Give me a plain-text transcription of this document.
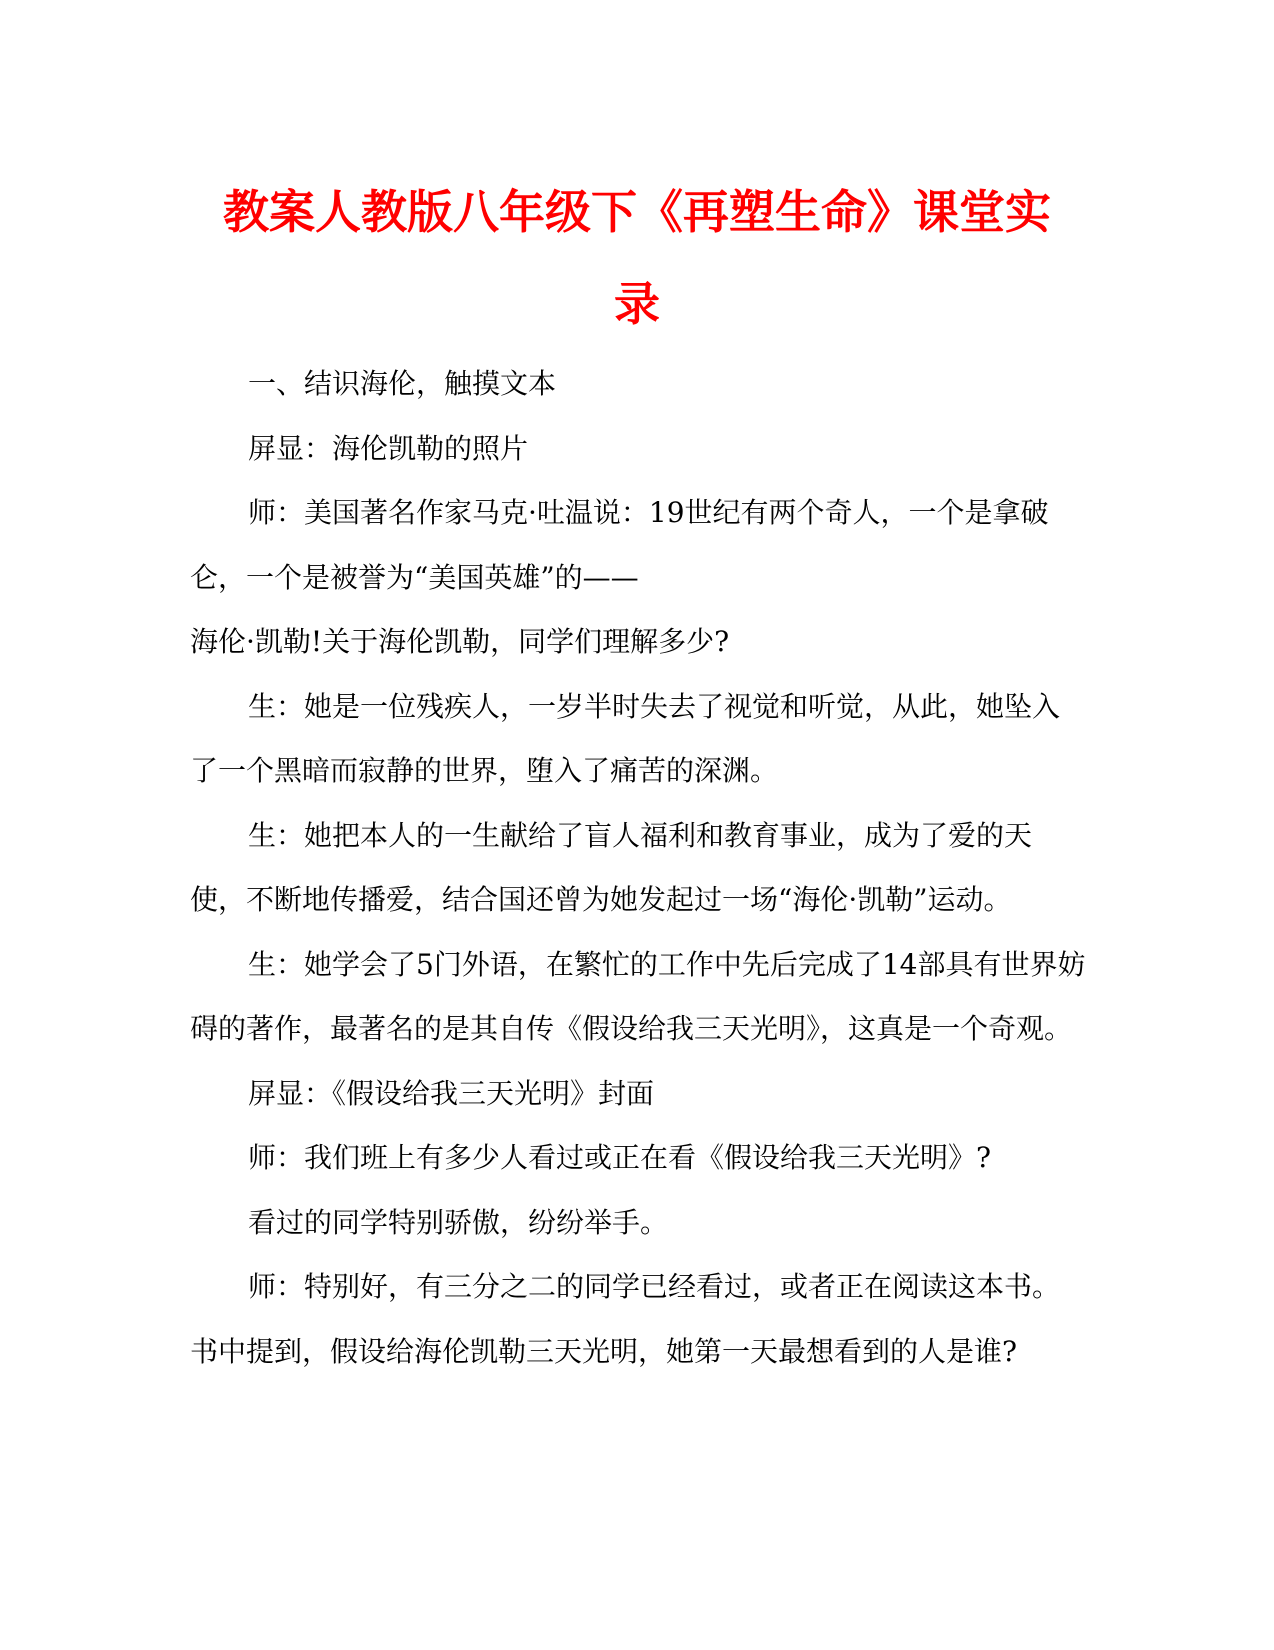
教案人教版八年级下《再塑生命》课堂实
录

一、结识海伦，触摸文本

屏显：海伦凯勒的照片

师：美国著名作家马克·吐温说：19世纪有两个奇人，一个是拿破仑，一个是被誉为“美国英雄”的——

海伦·凯勒!关于海伦凯勒，同学们理解多少?

生：她是一位残疾人，一岁半时失去了视觉和听觉，从此，她坠入了一个黑暗而寂静的世界，堕入了痛苦的深渊。

生：她把本人的一生献给了盲人福利和教育事业，成为了爱的天使，不断地传播爱，结合国还曾为她发起过一场“海伦·凯勒”运动。

生：她学会了5门外语，在繁忙的工作中先后完成了14部具有世界妨碍的著作，最著名的是其自传《假设给我三天光明》，这真是一个奇观。

屏显：《假设给我三天光明》封面

师：我们班上有多少人看过或正在看《假设给我三天光明》?

看过的同学特别骄傲，纷纷举手。

师：特别好，有三分之二的同学已经看过，或者正在阅读这本书。书中提到，假设给海伦凯勒三天光明，她第一天最想看到的人是谁?
